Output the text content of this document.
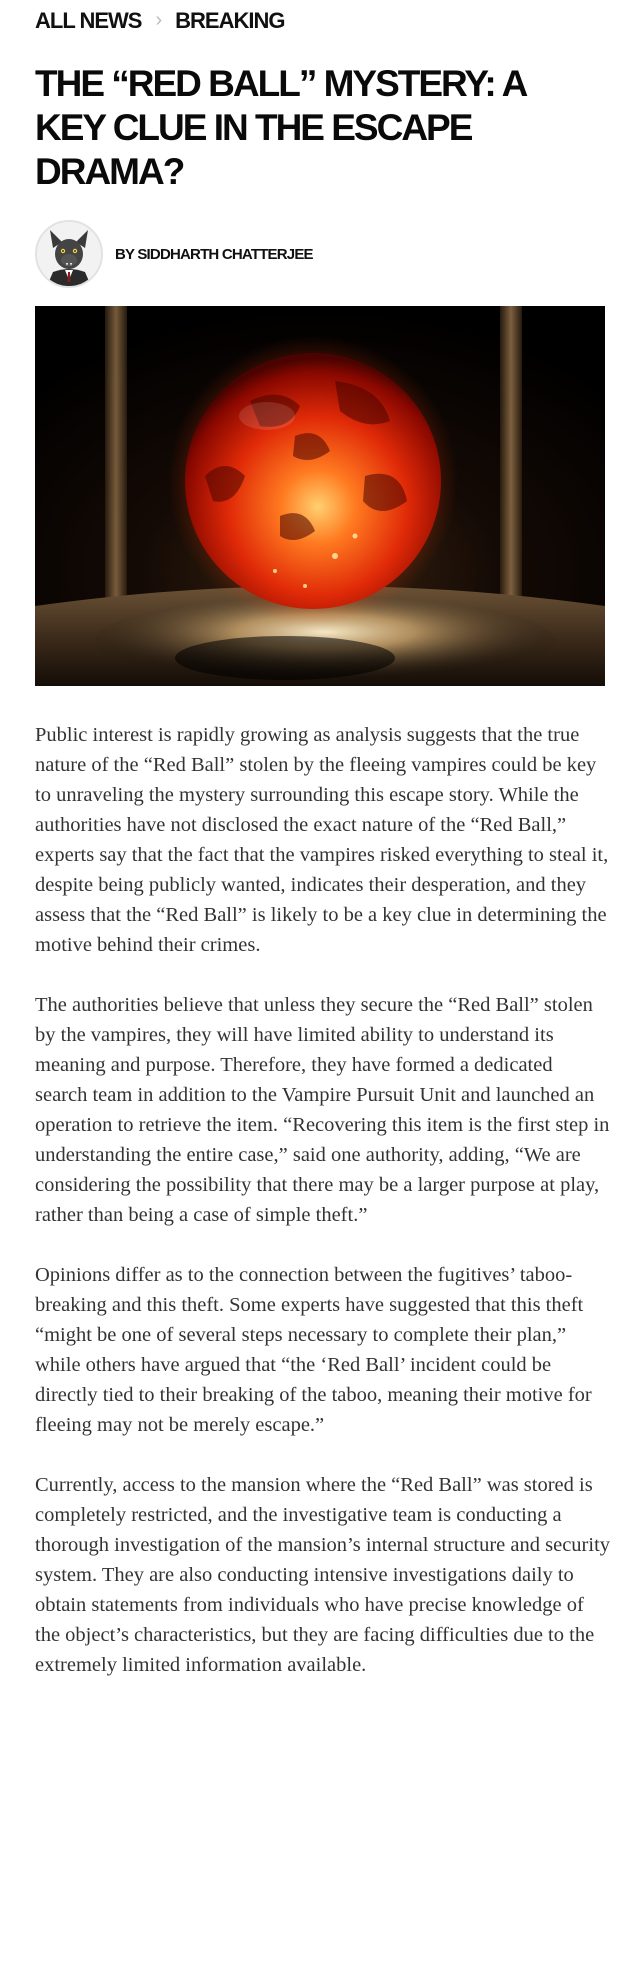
ALL NEWS › BREAKING
THE “RED BALL” MYSTERY: A KEY CLUE IN THE ESCAPE DRAMA?
BY SIDDHARTH CHATTERJEE

Public interest is rapidly growing as analysis suggests that the true nature of the “Red Ball” stolen by the fleeing vampires could be key to unraveling the mystery surrounding this escape story. While the authorities have not disclosed the exact nature of the “Red Ball,” experts say that the fact that the vampires risked everything to steal it, despite being publicly wanted, indicates their desperation, and they assess that the “Red Ball” is likely to be a key clue in determining the motive behind their crimes.

The authorities believe that unless they secure the “Red Ball” stolen by the vampires, they will have limited ability to understand its meaning and purpose. Therefore, they have formed a dedicated search team in addition to the Vampire Pursuit Unit and launched an operation to retrieve the item. “Recovering this item is the first step in understanding the entire case,” said one authority, adding, “We are considering the possibility that there may be a larger purpose at play, rather than being a case of simple theft.”

Opinions differ as to the connection between the fugitives’ taboo-breaking and this theft. Some experts have suggested that this theft “might be one of several steps necessary to complete their plan,” while others have argued that “the ‘Red Ball’ incident could be directly tied to their breaking of the taboo, meaning their motive for fleeing may not be merely escape.”

Currently, access to the mansion where the “Red Ball” was stored is completely restricted, and the investigative team is conducting a thorough investigation of the mansion’s internal structure and security system. They are also conducting intensive investigations daily to obtain statements from individuals who have precise knowledge of the object’s characteristics, but they are facing difficulties due to the extremely limited information available.
